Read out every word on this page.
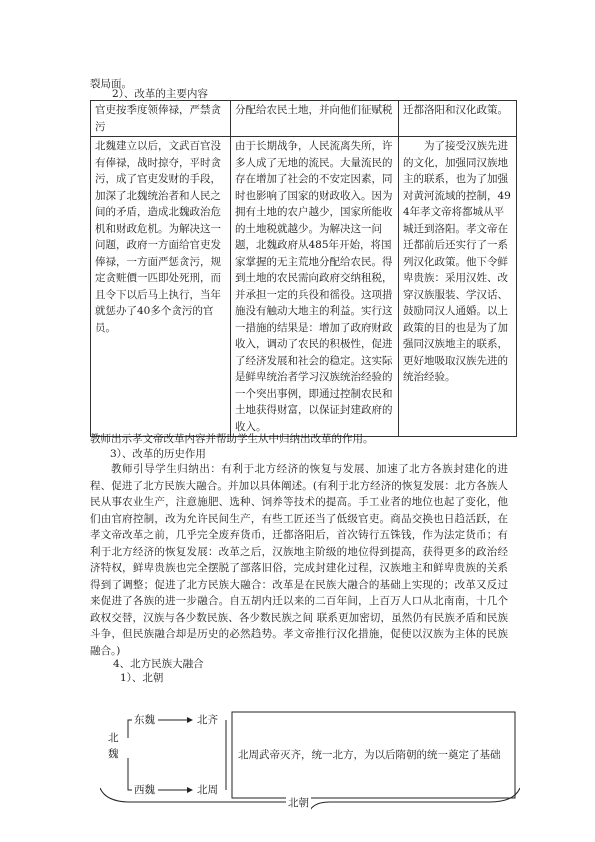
裂局面。
2）、改革的主要内容
官吏按季度领俸禄，严禁贪污	分配给农民土地，并向他们征赋税	迁都洛阳和汉化政策。
北魏建立以后，文武百官没有俸禄，战时掠夺，平时贪污，成了官吏发财的手段，加深了北魏统治者和人民之间的矛盾，造成北魏政治危机和财政危机。为解决这一问题，政府一方面给官吏发俸禄，一方面严惩贪污，规定贪赃價一匹即处死刑，而且令下以后马上执行，当年就惩办了40多个贪污的官员。	由于长期战争，人民流离失所，许多人成了无地的流民。大量流民的存在增加了社会的不安定因素，同时也影响了国家的财政收入。因为拥有土地的农户越少，国家所能收的土地税就越少。为解决这一问题，北魏政府从485年开始，将国家掌握的无主荒地分配给农民。得到土地的农民需向政府交纳租税，并承担一定的兵役和徭役。这项措施没有触动大地主的利益。实行这一措施的结果是：增加了政府财政收入，调动了农民的积极性，促进了经济发展和社会的稳定。这实际是鲜卑统治者学习汉族统治经验的一个突出事例，即通过控制农民和土地获得财富，以保证封建政府的收入。	为了接受汉族先进的文化，加强同汉族地主的联系，也为了加强对黄河流域的控制，494年孝文帝将都城从平城迁到洛阳。孝文帝在迁都前后还实行了一系列汉化政策。他下令鲜卑贵族：采用汉姓、改穿汉族服装、学汉话、鼓励同汉人通婚。以上政策的目的也是为了加强同汉族地主的联系，更好地吸取汉族先进的统治经验。
教师出示孝文帝改革内容并帮助学生从中归纳出改革的作用。
3）、改革的历史作用
教师引导学生归纳出：有利于北方经济的恢复与发展、加速了北方各族封建化的进程、促进了北方民族大融合。并加以具体阐述。(有利于北方经济的恢复发展：北方各族人民从事农业生产，注意施肥、选种、饲养等技术的提高。手工业者的地位也起了变化，他们由官府控制，改为允许民间生产，有些工匠还当了低级官吏。商品交换也日趋活跃，在孝文帝改革之前，几乎完全废弃货币，迁都洛阳后，首次铸行五铢钱，作为法定货币；有利于北方经济的恢复发展：改革之后，汉族地主阶级的地位得到提高，获得更多的政治经济特权，鲜卑贵族也完全摆脱了部落旧俗，完成封建化过程，汉族地主和鲜卑贵族的关系得到了调整；促进了北方民族大融合：改革是在民族大融合的基础上实现的；改革又反过来促进了各族的进一步融合。自五胡内迁以来的二百年间，上百万人口从北南南，十几个政权交替，汉族与各少数民族、各少数民族之间 联系更加密切，虽然仍有民族矛盾和民族斗争，但民族融合却是历史的必然趋势。孝文帝推行汉化措施，促使以汉族为主体的民族融合。)
4、北方民族大融合
1）、北朝
北魏
东魏	北齐
西魏	北周
北周武帝灭齐，统一北方，为以后隋朝的统一奠定了基础
北朝
